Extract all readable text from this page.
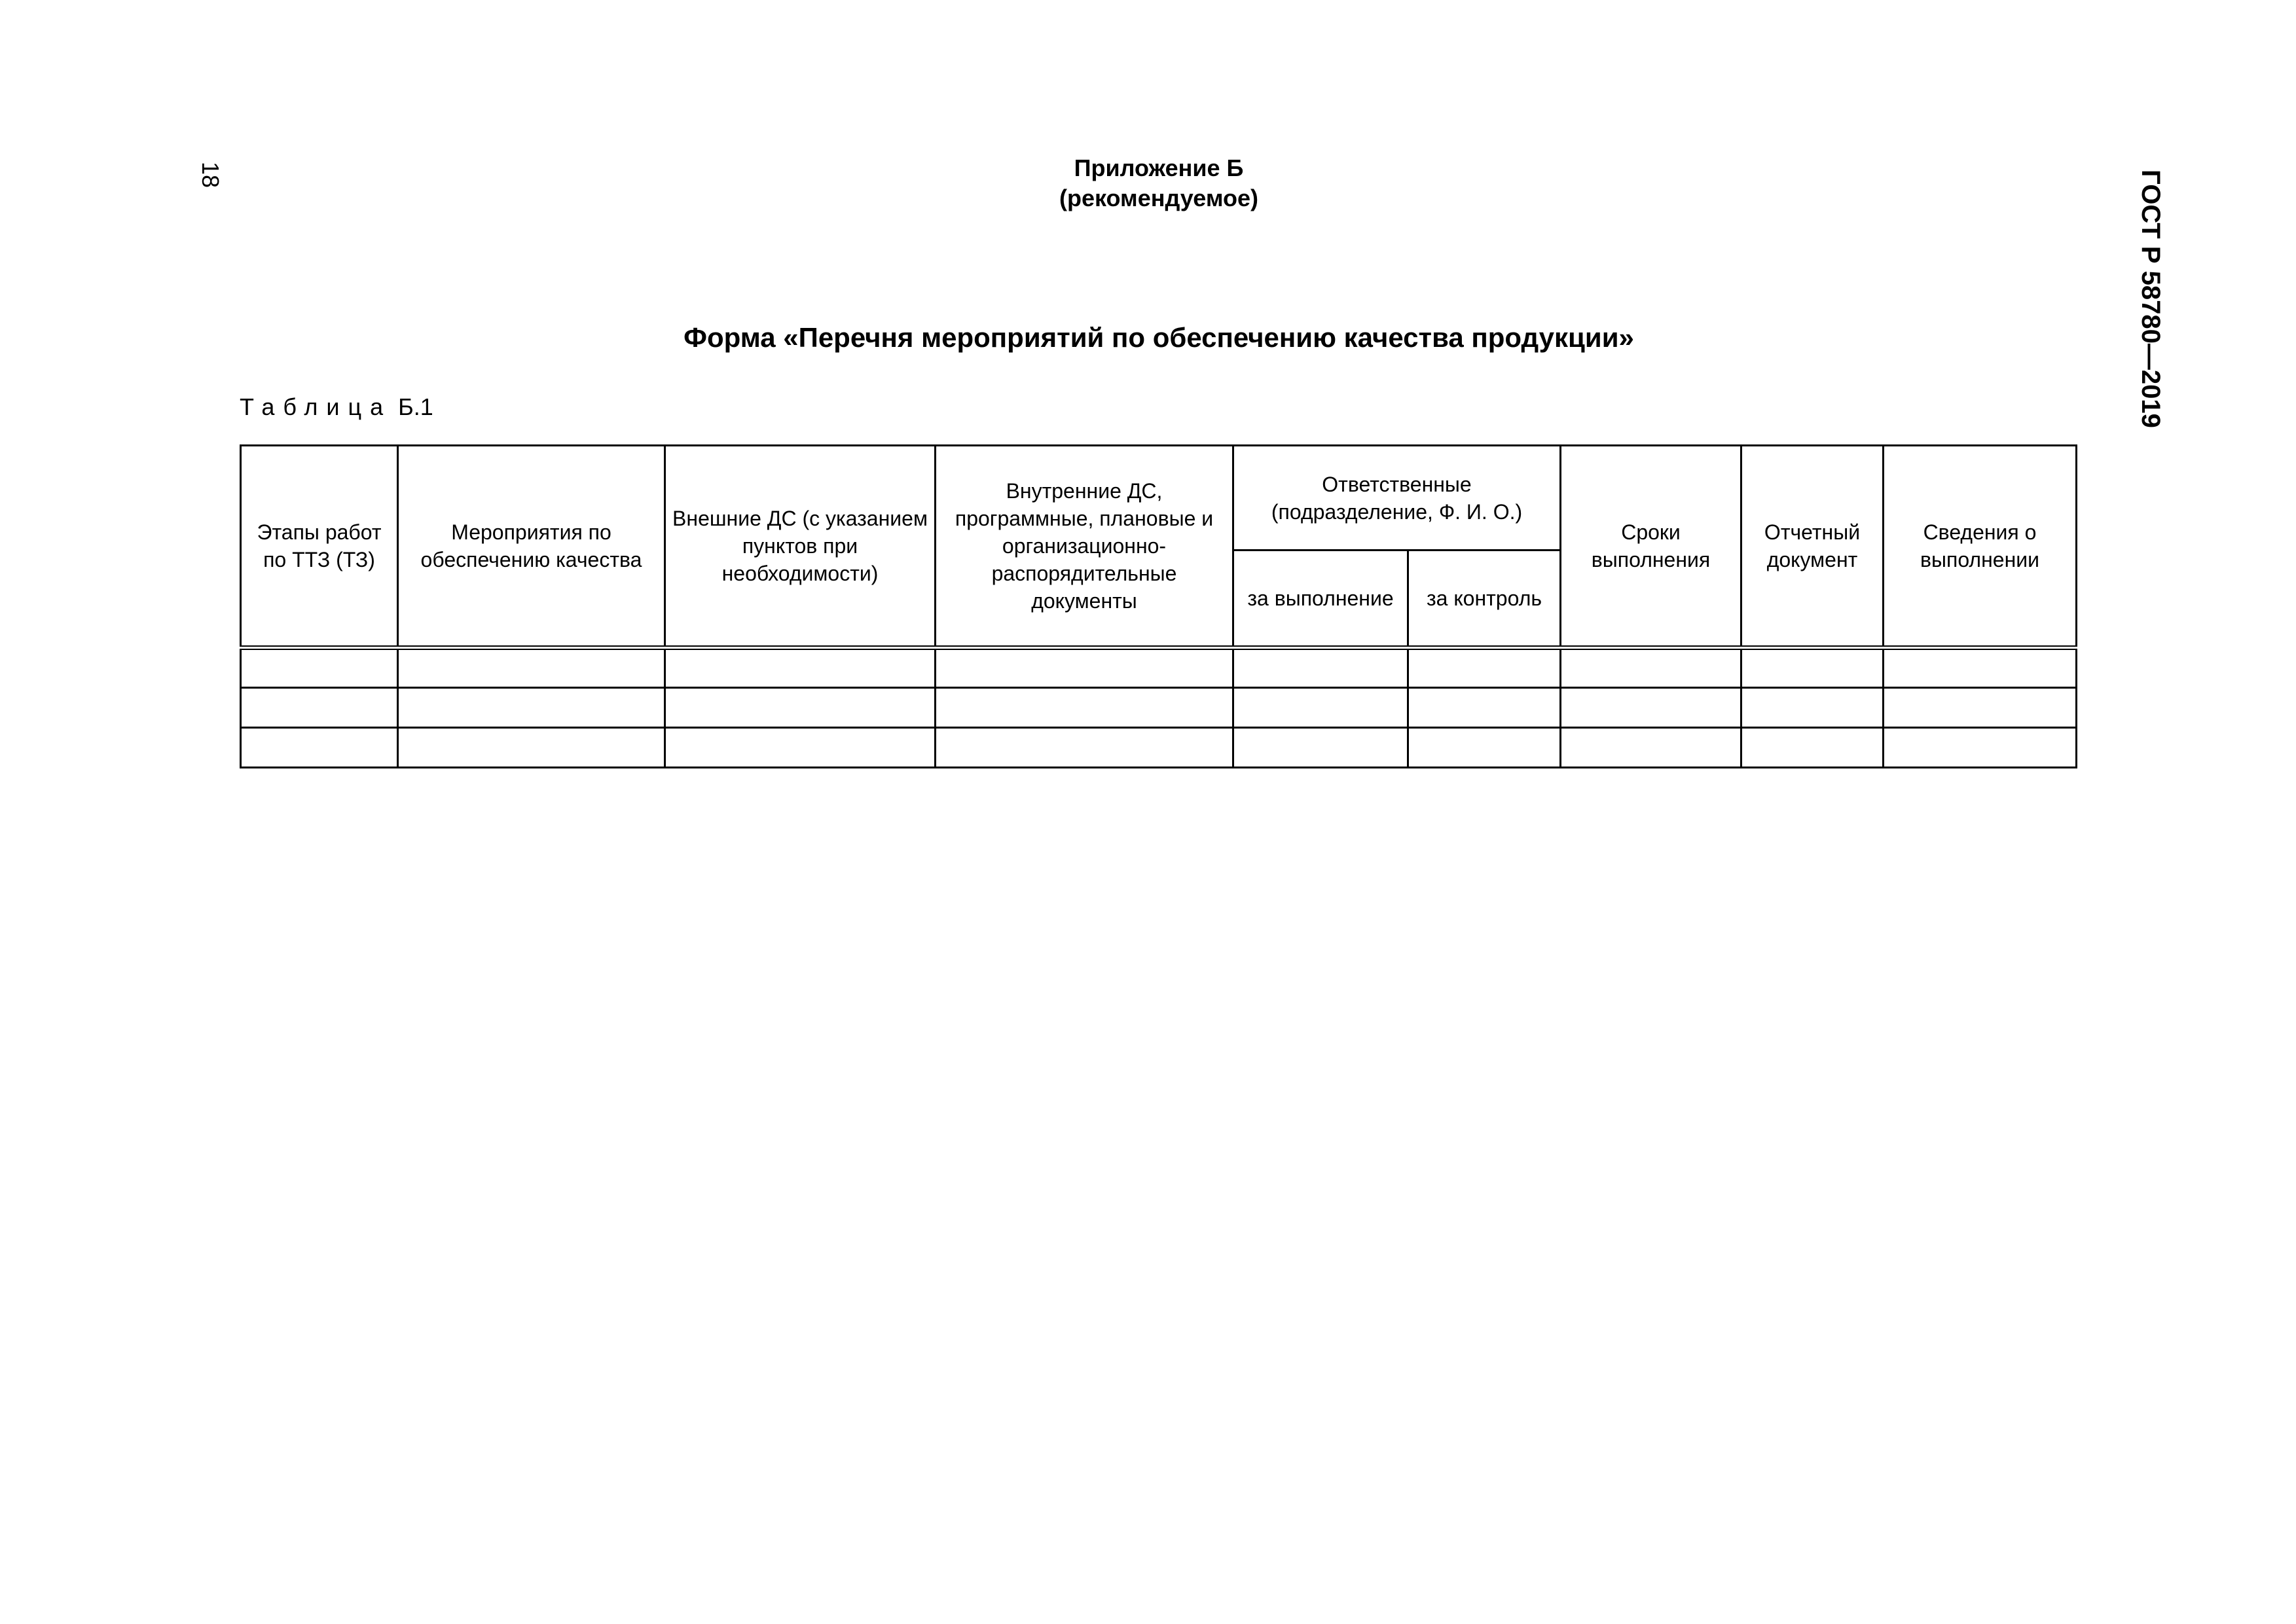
18	ГОСТ Р 58780—2019
Приложение Б
(рекомендуемое)
Форма «Перечня мероприятий по обеспечению качества продукции»
Таблица Б.1
Этапы работ по ТТЗ (ТЗ)	Мероприятия по обеспечению качества	Внешние ДС (с указанием пунктов при необходимости)	Внутренние ДС, программные, плановые и организационно-распорядительные документы	Ответственные (подразделение, Ф. И. О.)		Сроки выполнения	Отчетный документ	Сведения о выполнении
				за выполнение	за контроль			
